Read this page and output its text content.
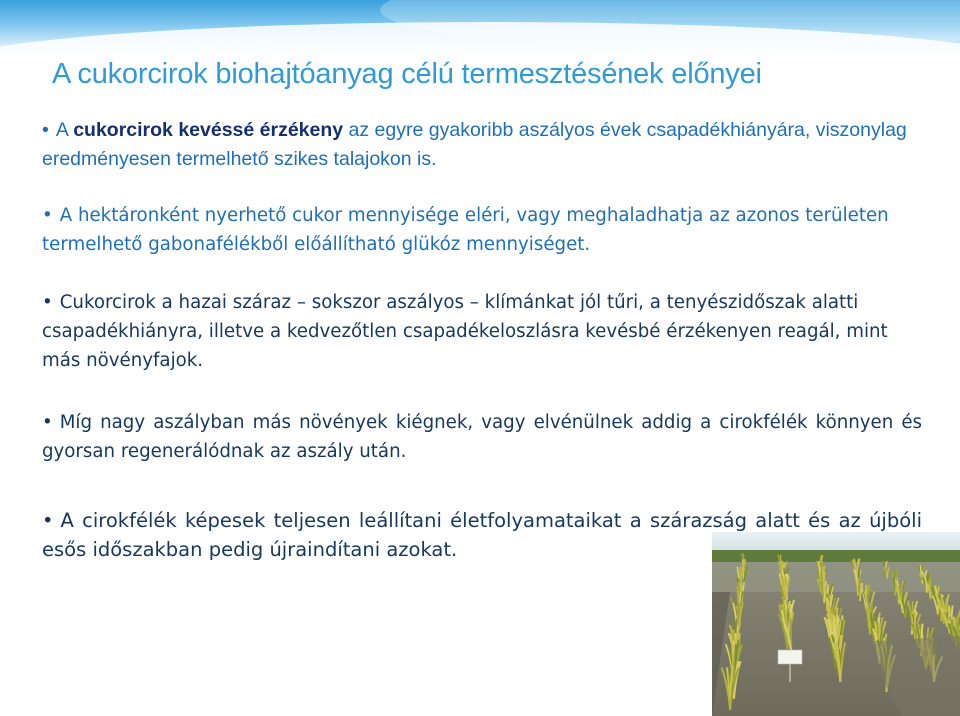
A cukorcirok biohajtóanyag célú termesztésének előnyei

• A cukorcirok kevéssé érzékeny az egyre gyakoribb aszályos évek csapadékhiányára, viszonylag eredményesen termelhető szikes talajokon is.

• A hektáronként nyerhető cukor mennyisége eléri, vagy meghaladhatja az azonos területen termelhető gabonafélékből előállítható glükóz mennyiséget.

• Cukorcirok a hazai száraz – sokszor aszályos – klímánkat jól tűri, a tenyészidőszak alatti csapadékhiányra, illetve a kedvezőtlen csapadékeloszlásra kevésbé érzékenyen reagál, mint más növényfajok.

• Míg nagy aszályban más növények kiégnek, vagy elvénülnek addig a cirokfélék könnyen és gyorsan regenerálódnak az aszály után.

• A cirokfélék képesek teljesen leállítani életfolyamataikat a szárazság alatt és az újbóli esős időszakban pedig újraindítani azokat.
